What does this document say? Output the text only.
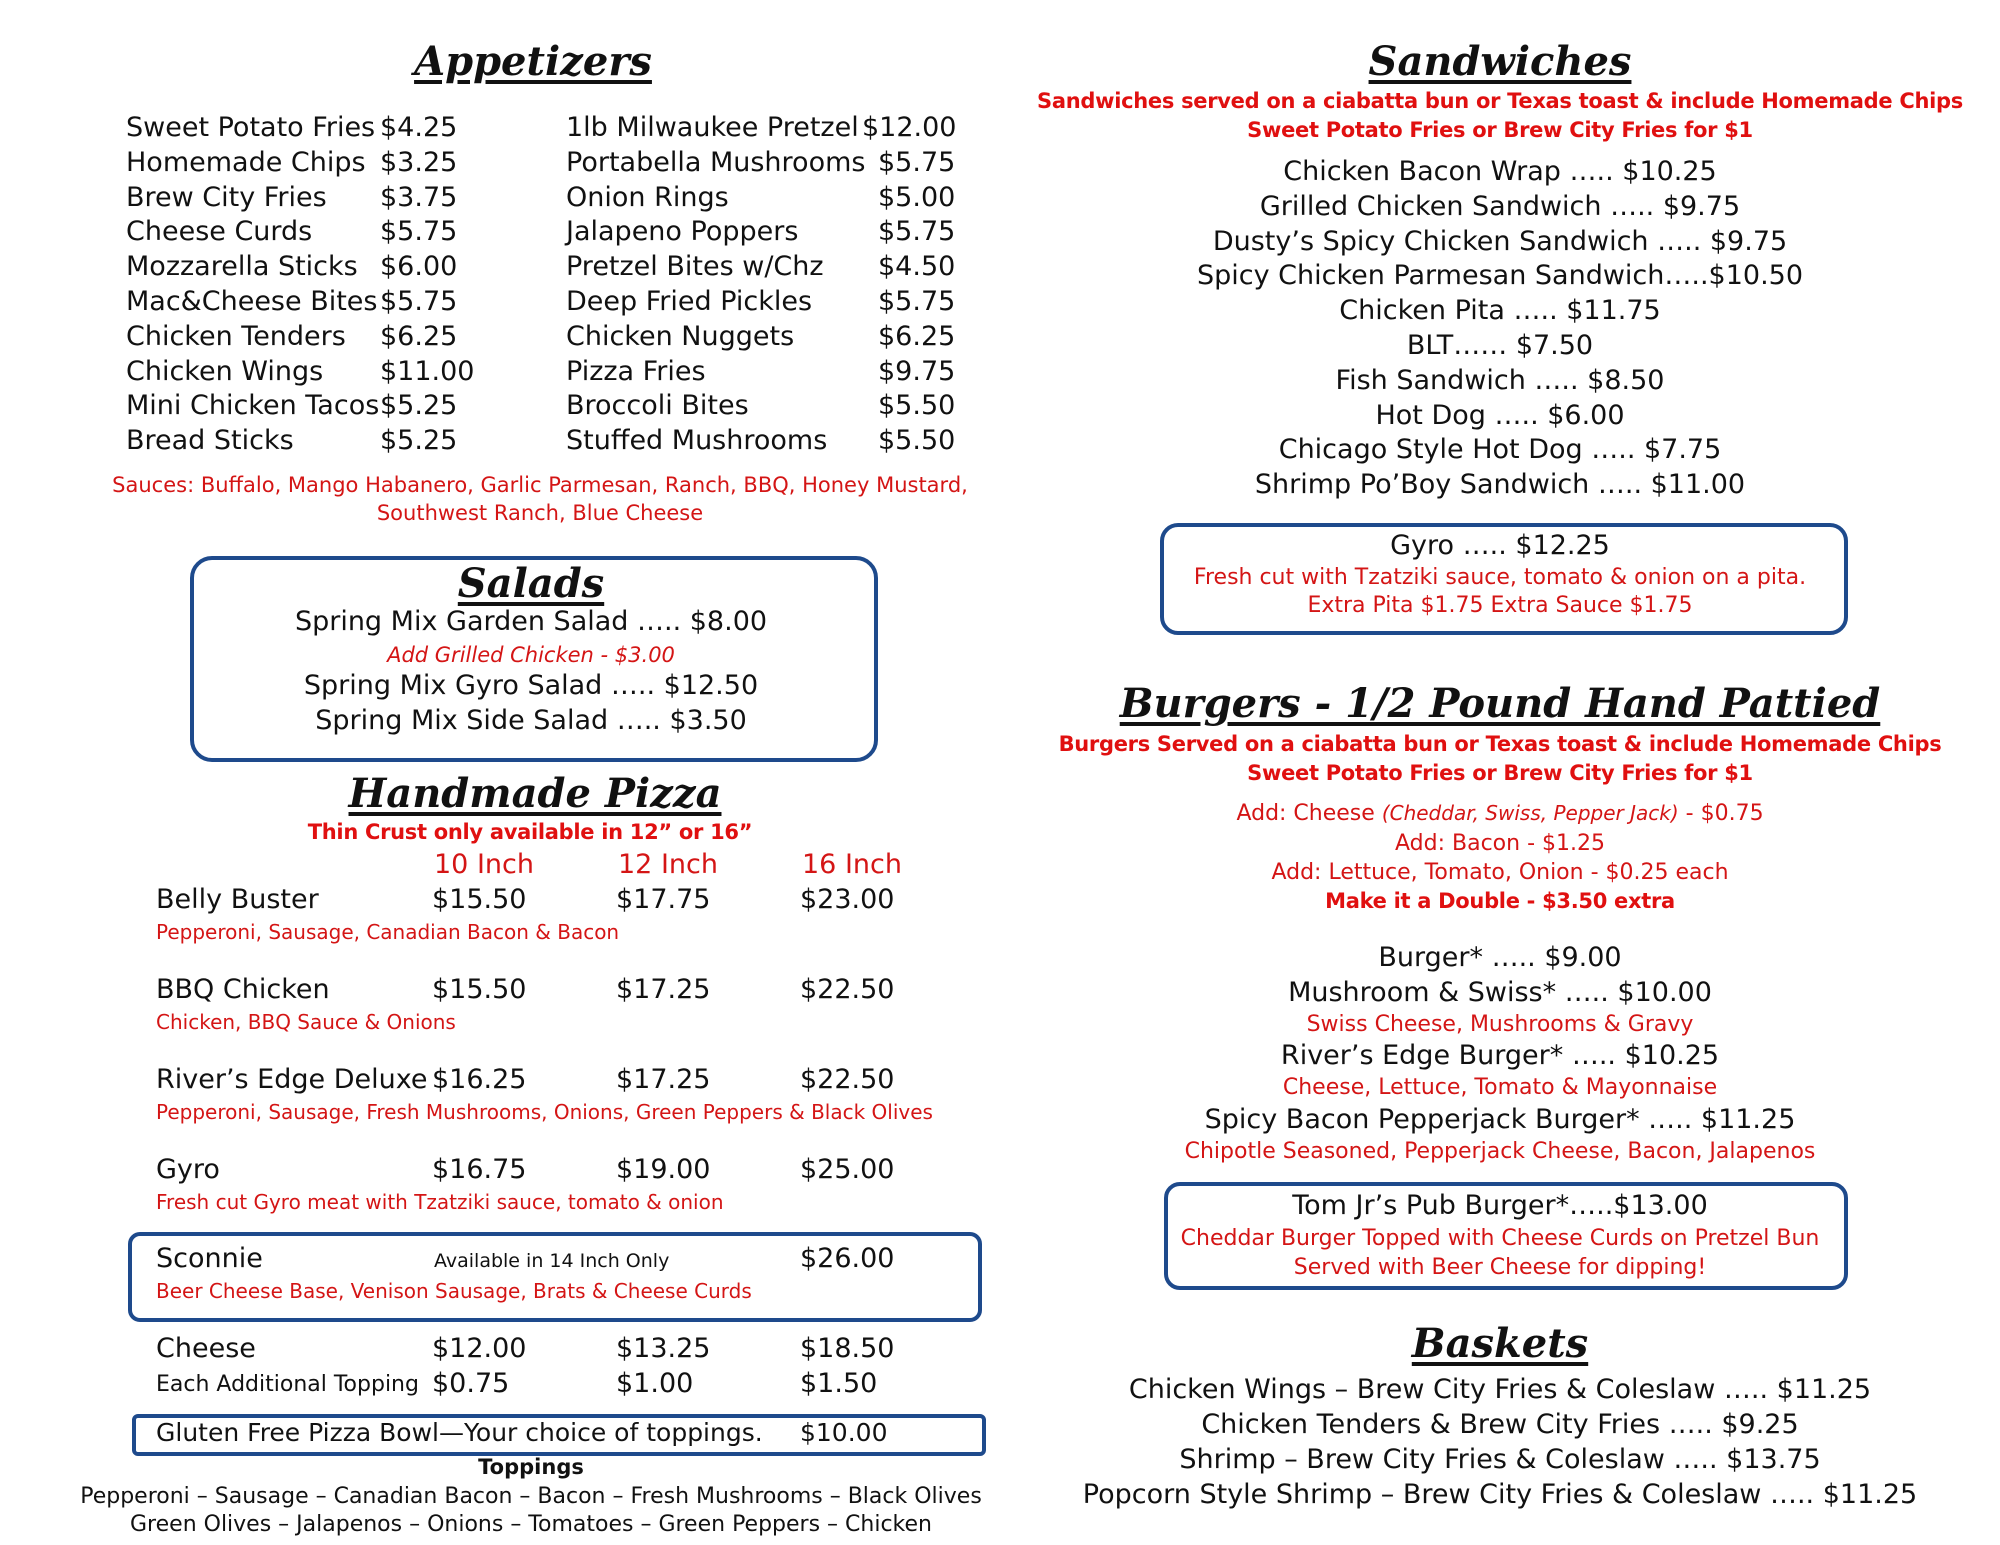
Appetizers
Sweet Potato Fries $4.25
Homemade Chips $3.25
Brew City Fries $3.75
Cheese Curds	$5.75
Mozzarella Sticks $6.00
Mac&Cheese Bites $5.75
Chicken Tenders $6.25
Chicken Wings $11.00
Mini Chicken Tacos $5.25
Bread Sticks	$5.25
1lb Milwaukee Pretzel $12.00
Portabella Mushrooms $5.75
Onion Rings	$5.00
Jalapeno Poppers	$5.75
Pretzel Bites w/Chz $4.50
Deep Fried Pickles $5.75
Chicken Nuggets	$6.25
Pizza Fries	$9.75
Broccoli Bites	$5.50
Stuffed Mushrooms $5.50
Sauces: Buffalo, Mango Habanero, Garlic Parmesan, Ranch, BBQ, Honey Mustard,
Southwest Ranch, Blue Cheese
Salads
Spring Mix Garden Salad ….. $8.00
Add Grilled Chicken - $3.00
Spring Mix Gyro Salad ….. $12.50
Spring Mix Side Salad ….. $3.50
Handmade Pizza
Thin Crust only available in 12” or 16”
10 Inch	12 Inch	16 Inch
Belly Buster	$15.50	$17.75	$23.00
Pepperoni, Sausage, Canadian Bacon & Bacon
BBQ Chicken	$15.50	$17.25	$22.50
Chicken, BBQ Sauce & Onions
River’s Edge Deluxe $16.25	$17.25	$22.50
Pepperoni, Sausage, Fresh Mushrooms, Onions, Green Peppers & Black Olives
Gyro	$16.75	$19.00	$25.00
Fresh cut Gyro meat with Tzatziki sauce, tomato & onion
Sconnie	Available in 14 Inch Only	$26.00
Beer Cheese Base, Venison Sausage, Brats & Cheese Curds
Cheese	$12.00	$13.25	$18.50
Each Additional Topping $0.75	$1.00	$1.50
Gluten Free Pizza Bowl—Your choice of toppings. $10.00
Toppings
Pepperoni – Sausage – Canadian Bacon – Bacon – Fresh Mushrooms – Black Olives
Green Olives – Jalapenos – Onions – Tomatoes – Green Peppers – Chicken
Sandwiches
Sandwiches served on a ciabatta bun or Texas toast & include Homemade Chips
Sweet Potato Fries or Brew City Fries for $1
Chicken Bacon Wrap ….. $10.25
Grilled Chicken Sandwich ….. $9.75
Dusty’s Spicy Chicken Sandwich ….. $9.75
Spicy Chicken Parmesan Sandwich…..$10.50
Chicken Pita ….. $11.75
BLT…… $7.50
Fish Sandwich ….. $8.50
Hot Dog ….. $6.00
Chicago Style Hot Dog ….. $7.75
Shrimp Po’Boy Sandwich ….. $11.00
Gyro ….. $12.25
Fresh cut with Tzatziki sauce, tomato & onion on a pita.
Extra Pita $1.75 Extra Sauce $1.75
Burgers - 1/2 Pound Hand Pattied
Burgers Served on a ciabatta bun or Texas toast & include Homemade Chips
Sweet Potato Fries or Brew City Fries for $1
Add: Cheese (Cheddar, Swiss, Pepper Jack) - $0.75
Add: Bacon - $1.25
Add: Lettuce, Tomato, Onion - $0.25 each
Make it a Double - $3.50 extra
Burger* ….. $9.00
Mushroom & Swiss* ….. $10.00
Swiss Cheese, Mushrooms & Gravy
River’s Edge Burger* ….. $10.25
Cheese, Lettuce, Tomato & Mayonnaise
Spicy Bacon Pepperjack Burger* ….. $11.25
Chipotle Seasoned, Pepperjack Cheese, Bacon, Jalapenos
Tom Jr’s Pub Burger*…..$13.00
Cheddar Burger Topped with Cheese Curds on Pretzel Bun
Served with Beer Cheese for dipping!
Baskets
Chicken Wings – Brew City Fries & Coleslaw ….. $11.25
Chicken Tenders & Brew City Fries ….. $9.25
Shrimp – Brew City Fries & Coleslaw ….. $13.75
Popcorn Style Shrimp – Brew City Fries & Coleslaw ….. $11.25
